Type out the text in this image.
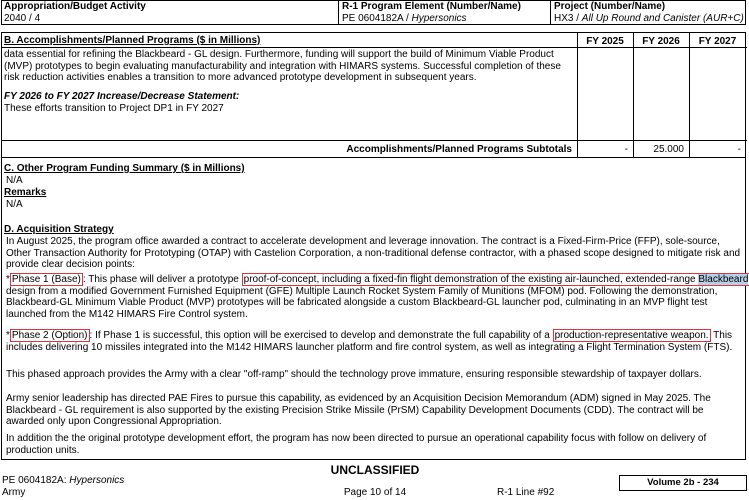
Appropriation/Budget Activity
2040 / 4
R-1 Program Element (Number/Name)
PE 0604182A / Hypersonics
Project (Number/Name)
HX3 / All Up Round and Canister (AUR+C)
B. Accomplishments/Planned Programs ($ in Millions)	FY 2025	FY 2026	FY 2027
data essential for refining the Blackbeard - GL design. Furthermore, funding will support the build of Minimum Viable Product (MVP) prototypes to begin evaluating manufacturability and integration with HIMARS systems. Successful completion of these risk reduction activities enables a transition to more advanced prototype development in subsequent years.
FY 2026 to FY 2027 Increase/Decrease Statement:
These efforts transition to Project DP1 in FY 2027
Accomplishments/Planned Programs Subtotals	-	25.000	-
C. Other Program Funding Summary ($ in Millions)
N/A
Remarks
N/A
D. Acquisition Strategy
In August 2025, the program office awarded a contract to accelerate development and leverage innovation. The contract is a Fixed-Firm-Price (FFP), sole-source, Other Transaction Authority for Prototyping (OTAP) with Castelion Corporation, a non-traditional defense contractor, with a phased scope designed to mitigate risk and provide clear decision points:
* Phase 1 (Base) : This phase will deliver a prototype proof-of-concept, including a fixed-fin flight demonstration of the existing air-launched, extended-range Blackbeard
design from a modified Government Furnished Equipment (GFE) Multiple Launch Rocket System Family of Munitions (MFOM) pod. Following the demonstration, Blackbeard-GL Minimum Viable Product (MVP) prototypes will be fabricated alongside a custom Blackbeard-GL launcher pod, culminating in an MVP flight test launched from the M142 HIMARS Fire Control system.
* Phase 2 (Option) : If Phase 1 is successful, this option will be exercised to develop and demonstrate the full capability of a production-representative weapon. This
includes delivering 10 missiles integrated into the M142 HIMARS launcher platform and fire control system, as well as integrating a Flight Termination System (FTS).
This phased approach provides the Army with a clear "off-ramp" should the technology prove immature, ensuring responsible stewardship of taxpayer dollars.
Army senior leadership has directed PAE Fires to pursue this capability, as evidenced by an Acquisition Decision Memorandum (ADM) signed in May 2025. The Blackbeard - GL requirement is also supported by the existing Precision Strike Missile (PrSM) Capability Development Documents (CDD). The contract will be awarded only upon Congressional Appropriation.
In addition the the original prototype development effort, the program has now been directed to pursue an operational capability focus with follow on delivery of production units.
PE 0604182A: Hypersonics
Army
UNCLASSIFIED
Page 10 of 14	R-1 Line #92
Volume 2b - 234
